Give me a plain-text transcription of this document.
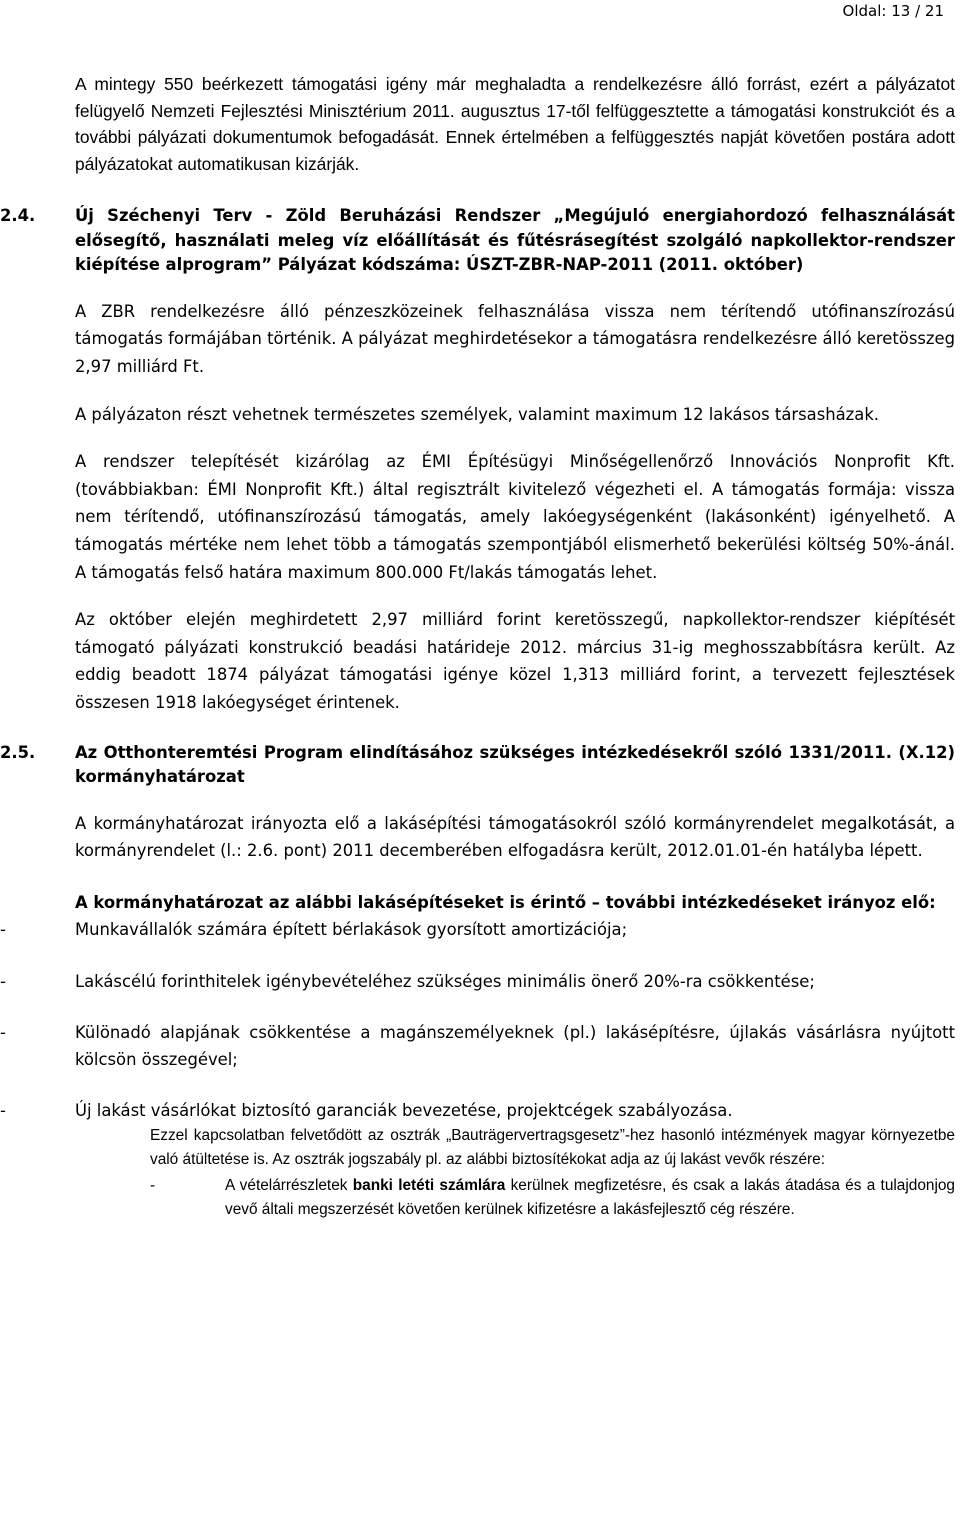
Oldal: 13 / 21

A mintegy 550 beérkezett támogatási igény már meghaladta a rendelkezésre álló forrást, ezért a pályázatot felügyelő Nemzeti Fejlesztési Minisztérium 2011. augusztus 17-től felfüggesztette a támogatási konstrukciót és a további pályázati dokumentumok befogadását. Ennek értelmében a felfüggesztés napját követően postára adott pályázatokat automatikusan kizárják.

2.4. Új Széchenyi Terv - Zöld Beruházási Rendszer „Megújuló energiahordozó felhasználását elősegítő, használati meleg víz előállítását és fűtésrásegítést szolgáló napkollektor-rendszer kiépítése alprogram” Pályázat kódszáma: ÚSZT-ZBR-NAP-2011 (2011. október)

A ZBR rendelkezésre álló pénzeszközeinek felhasználása vissza nem térítendő utófinanszírozású támogatás formájában történik. A pályázat meghirdetésekor a támogatásra rendelkezésre álló keretösszeg 2,97 milliárd Ft.

A pályázaton részt vehetnek természetes személyek, valamint maximum 12 lakásos társasházak.

A rendszer telepítését kizárólag az ÉMI Építésügyi Minőségellenőrző Innovációs Nonprofit Kft. (továbbiakban: ÉMI Nonprofit Kft.) által regisztrált kivitelező végezheti el. A támogatás formája: vissza nem térítendő, utófinanszírozású támogatás, amely lakóegységenként (lakásonként) igényelhető. A támogatás mértéke nem lehet több a támogatás szempontjából elismerhető bekerülési költség 50%-ánál. A támogatás felső határa maximum 800.000 Ft/lakás támogatás lehet.

Az október elején meghirdetett 2,97 milliárd forint keretösszegű, napkollektor-rendszer kiépítését támogató pályázati konstrukció beadási határideje 2012. március 31-ig meghosszabbításra került. Az eddig beadott 1874 pályázat támogatási igénye közel 1,313 milliárd forint, a tervezett fejlesztések összesen 1918 lakóegységet érintenek.

2.5. Az Otthonteremtési Program elindításához szükséges intézkedésekről szóló 1331/2011. (X.12) kormányhatározat

A kormányhatározat irányozta elő a lakásépítési támogatásokról szóló kormányrendelet megalkotását, a kormányrendelet (l.: 2.6. pont) 2011 decemberében elfogadásra került, 2012.01.01-én hatályba lépett.

A kormányhatározat az alábbi lakásépítéseket is érintő – további intézkedéseket irányoz elő:

-	Munkavállalók számára épített bérlakások gyorsított amortizációja;
-	Lakáscélú forinthitelek igénybevételéhez szükséges minimális önerő 20%-ra csökkentése;
-	Különadó alapjának csökkentése a magánszemélyeknek (pl.) lakásépítésre, újlakás vásárlásra nyújtott kölcsön összegével;
-	Új lakást vásárlókat biztosító garanciák bevezetése, projektcégek szabályozása.

Ezzel kapcsolatban felvetődött az osztrák „Bauträgervertragsgesetz”-hez hasonló intézmények magyar környezetbe való átültetése is. Az osztrák jogszabály pl. az alábbi biztosítékokat adja az új lakást vevők részére:

-	A vételárrészletek banki letéti számlára kerülnek megfizetésre, és csak a lakás átadása és a tulajdonjog vevő általi megszerzését követően kerülnek kifizetésre a lakásfejlesztő cég részére.
